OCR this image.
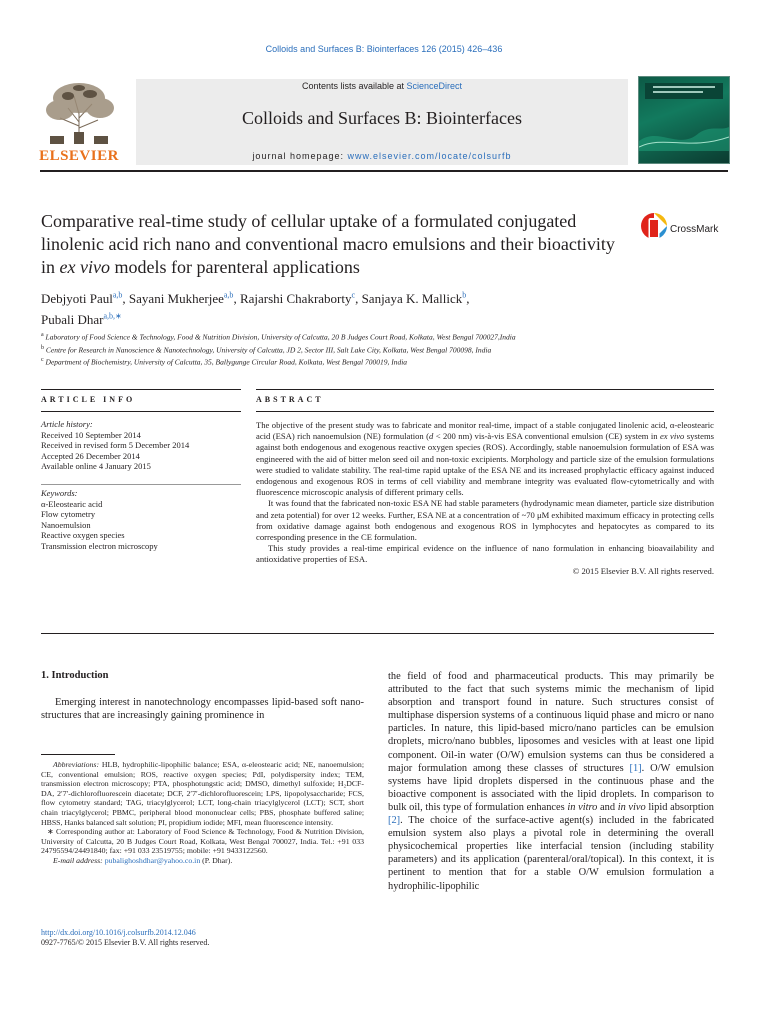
Colloids and Surfaces B: Biointerfaces 126 (2015) 426–436
ELSEVIER
Contents lists available at ScienceDirect
Colloids and Surfaces B: Biointerfaces
journal homepage: www.elsevier.com/locate/colsurfb
Comparative real-time study of cellular uptake of a formulated conjugated linolenic acid rich nano and conventional macro emulsions and their bioactivity in ex vivo models for parenteral applications
CrossMark
Debjyoti Paul$^{a,b}$, Sayani Mukherjee$^{a,b}$, Rajarshi Chakraborty$^c$, Sanjaya K. Mallick$^b$,
Pubali Dhar$^{a,b,∗}$
$^a$ Laboratory of Food Science & Technology, Food & Nutrition Division, University of Calcutta, 20 B Judges Court Road, Kolkata, West Bengal 700027,India
$^b$ Centre for Research in Nanoscience & Nanotechnology, University of Calcutta, JD 2, Sector III, Salt Lake City, Kolkata, West Bengal 700098, India
$^c$ Department of Biochemistry, University of Calcutta, 35, Ballygunge Circular Road, Kolkata, West Bengal 700019, India
ARTICLE INFO
Article history:
Received 10 September 2014
Received in revised form 5 December 2014
Accepted 26 December 2014
Available online 4 January 2015
Keywords:
α-Eleostearic acid
Flow cytometry
Nanoemulsion
Reactive oxygen species
Transmission electron microscopy
ABSTRACT

The objective of the present study was to fabricate and monitor real-time, impact of a stable conjugated linolenic acid, α-eleostearic acid (ESA) rich nanoemulsion (NE) formulation (d < 200 nm) vis-à-vis ESA conventional emulsion (CE) system in ex vivo systems against both endogenous and exogenous reactive oxygen species (ROS). Accordingly, stable nanoemulsion formulation of ESA was engineered with the aid of bitter melon seed oil and non-toxic excipients. Morphology and particle size of the emulsion formulations were studied to validate stability. The real-time rapid uptake of the ESA NE and its increased prophylactic efficacy against induced endogenous and exogenous ROS in terms of cell viability and membrane integrity was evaluated flow-cytometrically and with fluorescence microscopic analysis of different primary cells.

It was found that the fabricated non-toxic ESA NE had stable parameters (hydrodynamic mean diameter, particle size distribution and zeta potential) for over 12 weeks. Further, ESA NE at a concentration of ~70 μM exhibited maximum efficacy in protecting cells from oxidative damage against both endogenous and exogenous ROS in lymphocytes and hepatocytes as compared to its corresponding presence in the CE formulation.

This study provides a real-time empirical evidence on the influence of nano formulation in enhancing bioavailability and antioxidative properties of ESA.

© 2015 Elsevier B.V. All rights reserved.

1. Introduction
Emerging interest in nanotechnology encompasses lipid-based soft nano-structures that are increasingly gaining prominence in

Abbreviations: HLB, hydrophilic-lipophilic balance; ESA, α-eleostearic acid; NE, nanoemulsion; CE, conventional emulsion; ROS, reactive oxygen species; PdI, polydispersity index; TEM, transmission electron microscopy; PTA, phosphotungstic acid; DMSO, dimethyl sulfoxide; H₂DCF-DA, 2′7′-dichlorofluorescein diacetate; DCF, 2′7′-dichlorofluorescein; LPS, lipopolysaccharide; FCS, flow cytometry standard; TAG, triacylglycerol; LCT, long-chain triacylglycerol (LCT); SCT, short chain triacylglycerol; PBMC, peripheral blood mononuclear cells; PBS, phosphate buffered saline; HBSS, Hanks balanced salt solution; PI, propidium iodide; MFI, mean fluorescence intensity.

∗ Corresponding author at: Laboratory of Food Science & Technology, Food & Nutrition Division, University of Calcutta, 20 B Judges Court Road, Kolkata, West Bengal 700027, India. Tel.: +91 033 24795594/24491840; fax: +91 033 23519755; mobile: +91 9433122560.

E-mail address: pubalighoshdhar@yahoo.co.in (P. Dhar).

http://dx.doi.org/10.1016/j.colsurfb.2014.12.046
0927-7765/© 2015 Elsevier B.V. All rights reserved.

the field of food and pharmaceutical products. This may primarily be attributed to the fact that such systems mimic the mechanism of lipid absorption and transport found in nature. Such structures consist of multiphase dispersion systems of a continuous liquid phase and micro or nano particles. In nature, this lipid-based micro/nano particles can be emulsion droplets, micro/nano bubbles, liposomes and vesicles with at least one lipid component. Oil-in water (O/W) emulsion systems can thus be considered a major formulation among these classes of structures [1]. O/W emulsion systems have lipid droplets dispersed in the continuous phase and the bioactive component is associated with the lipid droplets. In comparison to bulk oil, this type of formulation enhances in vitro and in vivo lipid absorption [2]. The choice of the surface-active agent(s) included in the fabricated emulsion system also plays a pivotal role in determining the overall physicochemical properties like interfacial tension (including stability parameters) and its application (parenteral/oral/topical). In this context, it is pertinent to mention that for a stable O/W emulsion formulation a hydrophilic-lipophilic
